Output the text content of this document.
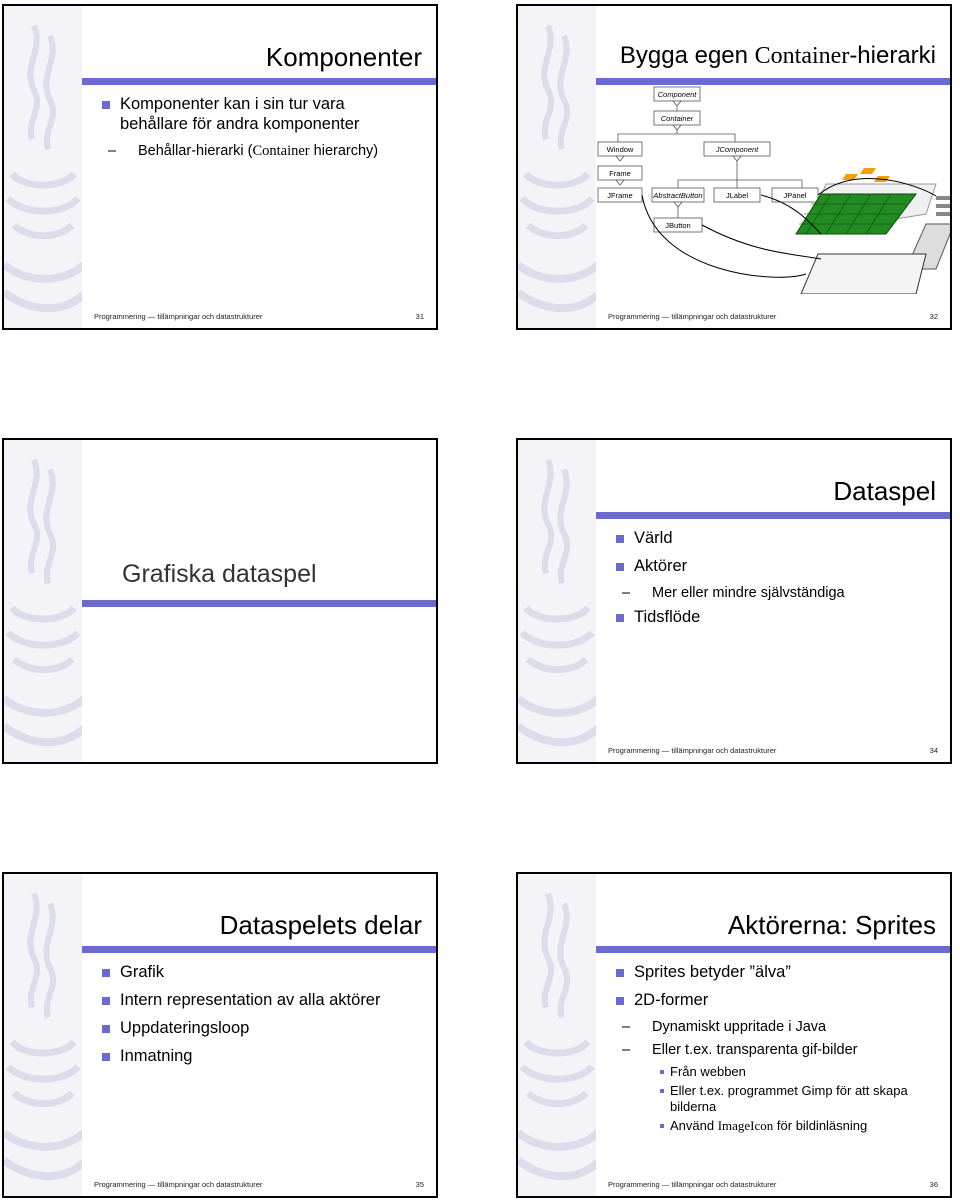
Komponenter
Komponenter kan i sin tur vara behållare för andra komponenter
– Behållar-hierarki (Container hierarchy)
Programmering — tillämpningar och datastrukturer	31
Bygga egen Container-hierarki
Component
Container
Window	JComponent
Frame
JFrame	AbstractButton	JLabel	JPanel
JButton
Programmering — tillämpningar och datastrukturer	32
Grafiska dataspel
Dataspel
Värld
Aktörer
– Mer eller mindre självständiga
Tidsflöde
Programmering — tillämpningar och datastrukturer	34
Dataspelets delar
Grafik
Intern representation av alla aktörer
Uppdateringsloop
Inmatning
Programmering — tillämpningar och datastrukturer	35
Aktörerna: Sprites
Sprites betyder ”älva”
2D-former
– Dynamiskt uppritade i Java
– Eller t.ex. transparenta gif-bilder
Från webben
Eller t.ex. programmet Gimp för att skapa bilderna
Använd ImageIcon för bildinläsning
Programmering — tillämpningar och datastrukturer	36
